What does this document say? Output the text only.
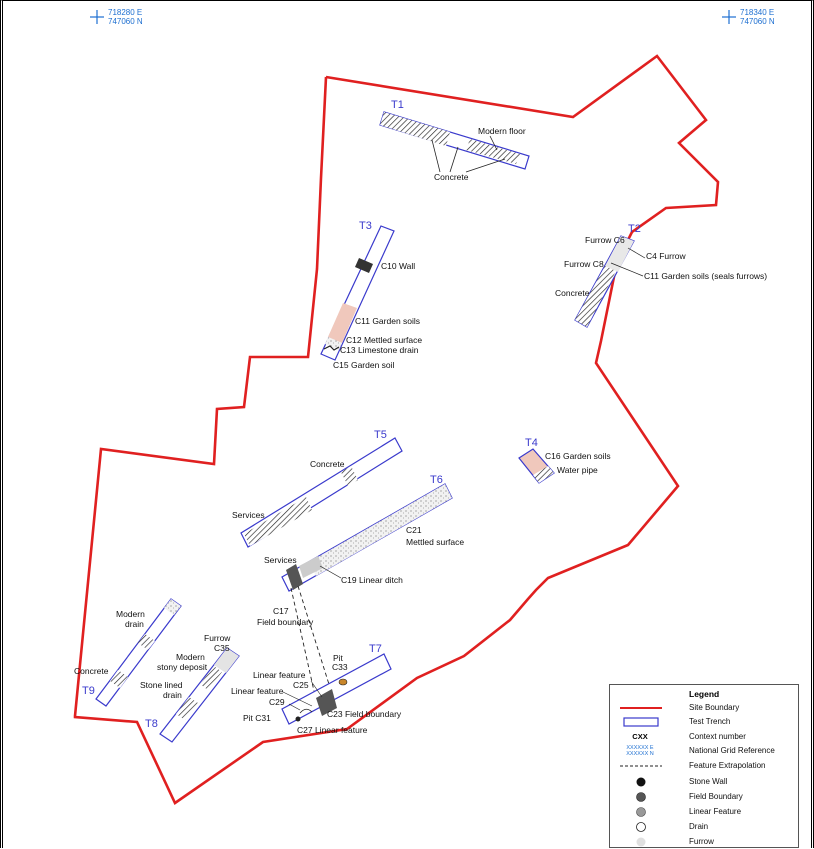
718280 E
747060 N
718340 E
747060 N
T1
Modern floor
Concrete
T2
Furrow C6
C4 Furrow
Furrow C8
C11 Garden soils (seals furrows)
Concrete
T3
C10 Wall
C11 Garden soils
C12 Mettled surface
C13 Limestone drain
C15 Garden soil
T4
C16 Garden soils
Water pipe
T5
Concrete
Services
T6
C21
Mettled surface
Services
C19 Linear ditch
C17
Field boundary
T7
Pit
C33
Linear feature
C25
Linear feature
C29
Pit C31	C23 Field boundary
C27 Linear feature
T8
Furrow
C35
Modern
stony deposit
Stone lined
drain
T9
Modern
drain
Concrete
Legend
Site Boundary
Test Trench
CXX	Context number
XXXXXX E
XXXXXX N	National Grid Reference
Feature Extrapolation
Stone Wall
Field Boundary
Linear Feature
Drain
Furrow
